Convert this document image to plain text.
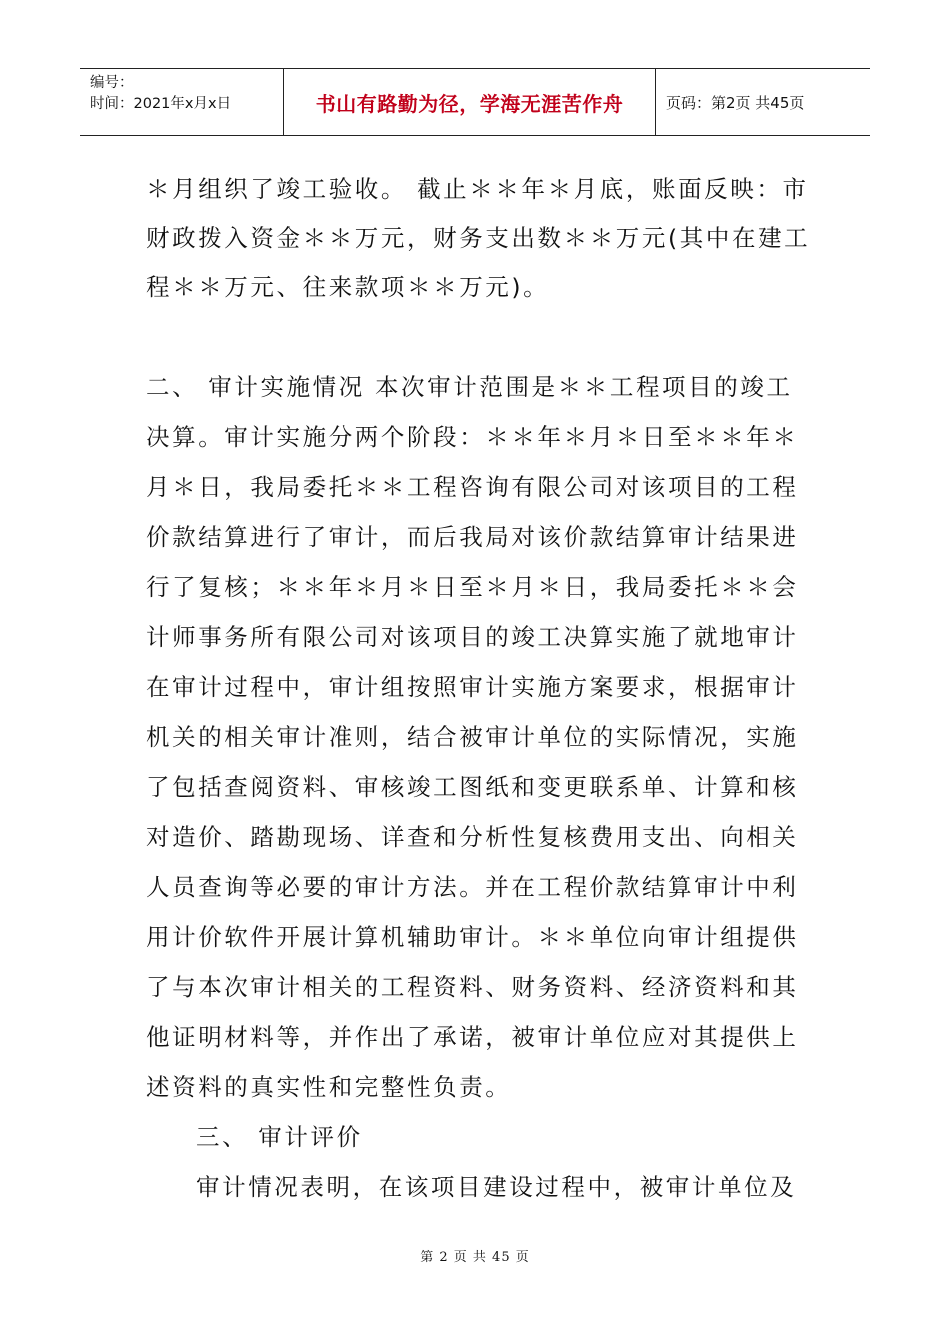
编号：
时间：2021年x月x日	书山有路勤为径，学海无涯苦作舟	页码：第2页 共45页
＊月组织了竣工验收。 截止＊＊年＊月底，账面反映：市
财政拨入资金＊＊万元，财务支出数＊＊万元(其中在建工
程＊＊万元、往来款项＊＊万元)。
二、 审计实施情况 本次审计范围是＊＊工程项目的竣工
决算。审计实施分两个阶段：＊＊年＊月＊日至＊＊年＊
月＊日，我局委托＊＊工程咨询有限公司对该项目的工程
价款结算进行了审计，而后我局对该价款结算审计结果进
行了复核；＊＊年＊月＊日至＊月＊日，我局委托＊＊会
计师事务所有限公司对该项目的竣工决算实施了就地审计
在审计过程中，审计组按照审计实施方案要求，根据审计
机关的相关审计准则，结合被审计单位的实际情况，实施
了包括查阅资料、审核竣工图纸和变更联系单、计算和核
对造价、踏勘现场、详查和分析性复核费用支出、向相关
人员查询等必要的审计方法。并在工程价款结算审计中利
用计价软件开展计算机辅助审计。＊＊单位向审计组提供
了与本次审计相关的工程资料、财务资料、经济资料和其
他证明材料等，并作出了承诺，被审计单位应对其提供上
述资料的真实性和完整性负责。
三、 审计评价
审计情况表明，在该项目建设过程中，被审计单位及
第 2 页 共 45 页
